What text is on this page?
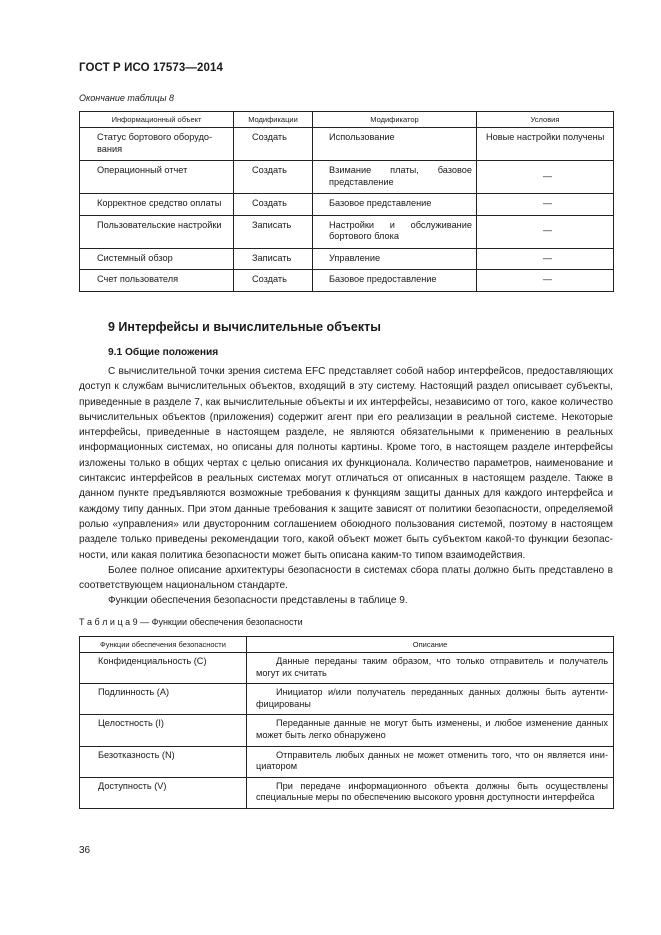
ГОСТ Р ИСО 17573—2014
Окончание таблицы 8
Информационный объект	Модификации	Модификатор	Условия
Статус бортового оборудования	Создать	Использование	Новые настройки получены
Операционный отчет	Создать	Взимание платы, базовое представление	—
Корректное средство оплаты	Создать	Базовое представление	—
Пользовательские настройки	Записать	Настройки и обслуживание бортового блока	—
Системный обзор	Записать	Управление	—
Счет пользователя	Создать	Базовое предоставление	—
9 Интерфейсы и вычислительные объекты
9.1 Общие положения

С вычислительной точки зрения система EFC представляет собой набор интерфейсов, предоставляющих доступ к службам вычислительных объектов, входящий в эту систему. Настоящий раздел описывает субъекты, приведенные в разделе 7, как вычислительные объекты и их интерфейсы, независимо от того, какое количество вычислительных объектов (приложения) содержит агент при его реализации в реальной системе. Некоторые интерфейсы, приведенные в настоящем разделе, не являются обязательными к применению в реальных информационных системах, но описаны для полноты картины. Кроме того, в настоящем разделе интерфейсы изложены только в общих чертах с целью описания их функционала. Количество параметров, наименование и синтаксис интерфейсов в реальных системах могут отличаться от описанных в настоящем разделе. Также в данном пункте предъявляются возможные требования к функциям защиты данных для каждого интерфейса и каждому типу данных. При этом данные требования к защите зависят от политики безопасности, определяемой ролью «управления» или двусторонним соглашением обоюдного пользования системой, поэтому в настоящем разделе только приведены рекомендации того, какой объект может быть субъектом какой-то функции безопасности, или какая политика безопасности может быть описана каким-то типом взаимодействия.

Более полное описание архитектуры безопасности в системах сбора платы должно быть представлено в соответствующем национальном стандарте.

Функции обеспечения безопасности представлены в таблице 9.

Т а б л и ц а 9 — Функции обеспечения безопасности
Функции обеспечения безопасности	Описание
Конфиденциальность (С)	Данные переданы таким образом, что только отправитель и получатель могут их считать
Подлинность (А)	Инициатор и/или получатель переданных данных должны быть аутентифицированы
Целостность (I)	Переданные данные не могут быть изменены, и любое изменение данных может быть легко обнаружено
Безотказность (N)	Отправитель любых данных не может отменить того, что он является инициатором
Доступность (V)	При передаче информационного объекта должны быть осуществлены специальные меры по обеспечению высокого уровня доступности интерфейса
36
